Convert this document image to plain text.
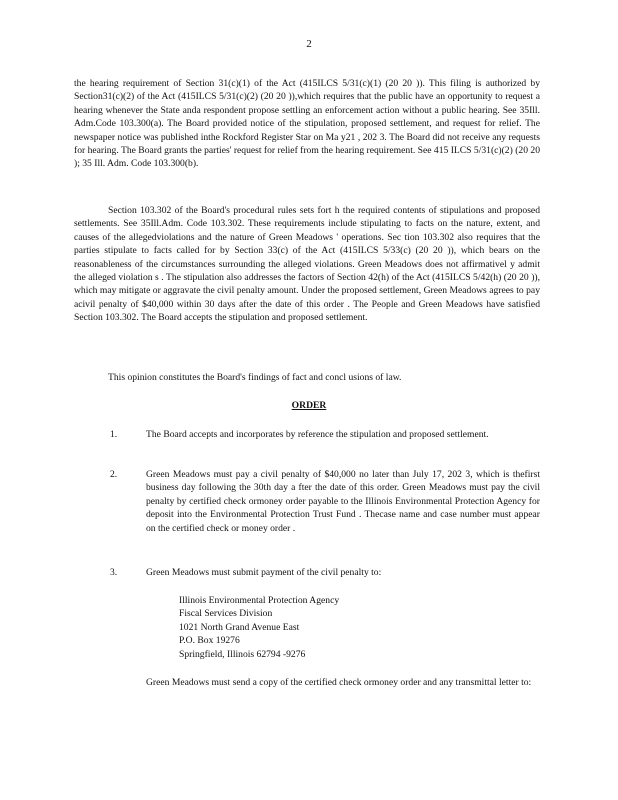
2
the hearing requirement of Section 31(c)(1) of the Act (415ILCS 5/31(c)(1) (20 20 )). This filing is authorized by Section31(c)(2) of the Act (415ILCS 5/31(c)(2) (20 20 )),which requires that the public have an opportunity to request a hearing whenever the State anda respondent propose settling an enforcement action without a public hearing. See 35Ill. Adm.Code 103.300(a). The Board provided notice of the stipulation, proposed settlement, and request for relief. The newspaper notice was published inthe Rockford Register Star on Ma y21 , 202 3. The Board did not receive any requests for hearing. The Board grants the parties' request for relief from the hearing requirement. See 415 ILCS 5/31(c)(2) (20 20 ); 35 Ill. Adm. Code 103.300(b).
Section 103.302 of the Board's procedural rules sets fort h the required contents of stipulations and proposed settlements. See 35Ill.Adm. Code 103.302. These requirements include stipulating to facts on the nature, extent, and causes of the allegedviolations and the nature of Green Meadows ' operations. Sec tion 103.302 also requires that the parties stipulate to facts called for by Section 33(c) of the Act (415ILCS 5/33(c) (20 20 )), which bears on the reasonableness of the circumstances surrounding the alleged violations. Green Meadows does not affirmativel y admit the alleged violation s . The stipulation also addresses the factors of Section 42(h) of the Act (415ILCS 5/42(h) (20 20 )), which may mitigate or aggravate the civil penalty amount. Under the proposed settlement, Green Meadows agrees to pay acivil penalty of $40,000 within 30 days after the date of this order . The People and Green Meadows have satisfied Section 103.302. The Board accepts the stipulation and proposed settlement.
This opinion constitutes the Board's findings of fact and concl usions of law.
ORDER
1.	The Board accepts and incorporates by reference the stipulation and proposed settlement.
2.	Green Meadows must pay a civil penalty of $40,000 no later than July 17, 202 3, which is thefirst business day following the 30th day a fter the date of this order. Green Meadows must pay the civil penalty by certified check ormoney order payable to the Illinois Environmental Protection Agency for deposit into the Environmental Protection Trust Fund . Thecase name and case number must appear on the certified check or money order .
3.	Green Meadows must submit payment of the civil penalty to:
Illinois Environmental Protection Agency
Fiscal Services Division
1021 North Grand Avenue East
P.O. Box 19276
Springfield, Illinois 62794 -9276
Green Meadows must send a copy of the certified check ormoney order and any transmittal letter to:
